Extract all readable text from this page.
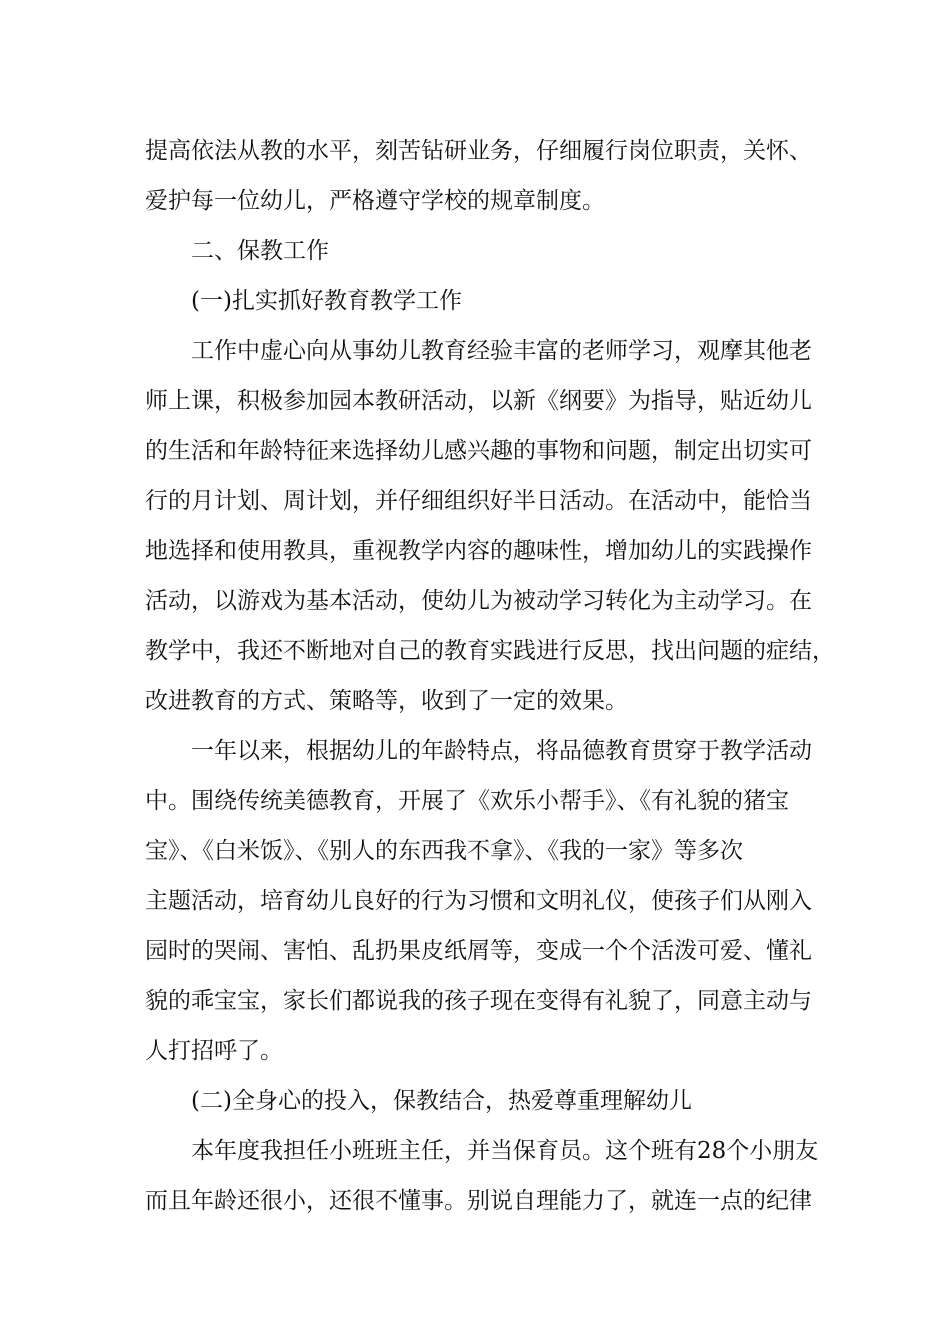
提高依法从教的水平，刻苦钻研业务，仔细履行岗位职责，关怀、
爱护每一位幼儿，严格遵守学校的规章制度。
二、保教工作
(一)扎实抓好教育教学工作
工作中虚心向从事幼儿教育经验丰富的老师学习，观摩其他老
师上课，积极参加园本教研活动，以新《纲要》为指导，贴近幼儿
的生活和年龄特征来选择幼儿感兴趣的事物和问题，制定出切实可
行的月计划、周计划，并仔细组织好半日活动。在活动中，能恰当
地选择和使用教具，重视教学内容的趣味性，增加幼儿的实践操作
活动，以游戏为基本活动，使幼儿为被动学习转化为主动学习。在
教学中，我还不断地对自己的教育实践进行反思，找出问题的症结，
改进教育的方式、策略等，收到了一定的效果。
一年以来，根据幼儿的年龄特点，将品德教育贯穿于教学活动
中。围绕传统美德教育，开展了《欢乐小帮手》、《有礼貌的猪宝
宝》、《白米饭》、《别人的东西我不拿》、《我的一家》等多次
主题活动，培育幼儿良好的行为习惯和文明礼仪，使孩子们从刚入
园时的哭闹、害怕、乱扔果皮纸屑等，变成一个个活泼可爱、懂礼
貌的乖宝宝，家长们都说我的孩子现在变得有礼貌了，同意主动与
人打招呼了。
(二)全身心的投入，保教结合，热爱尊重理解幼儿
本年度我担任小班班主任，并当保育员。这个班有28个小朋友
而且年龄还很小，还很不懂事。别说自理能力了，就连一点的纪律
